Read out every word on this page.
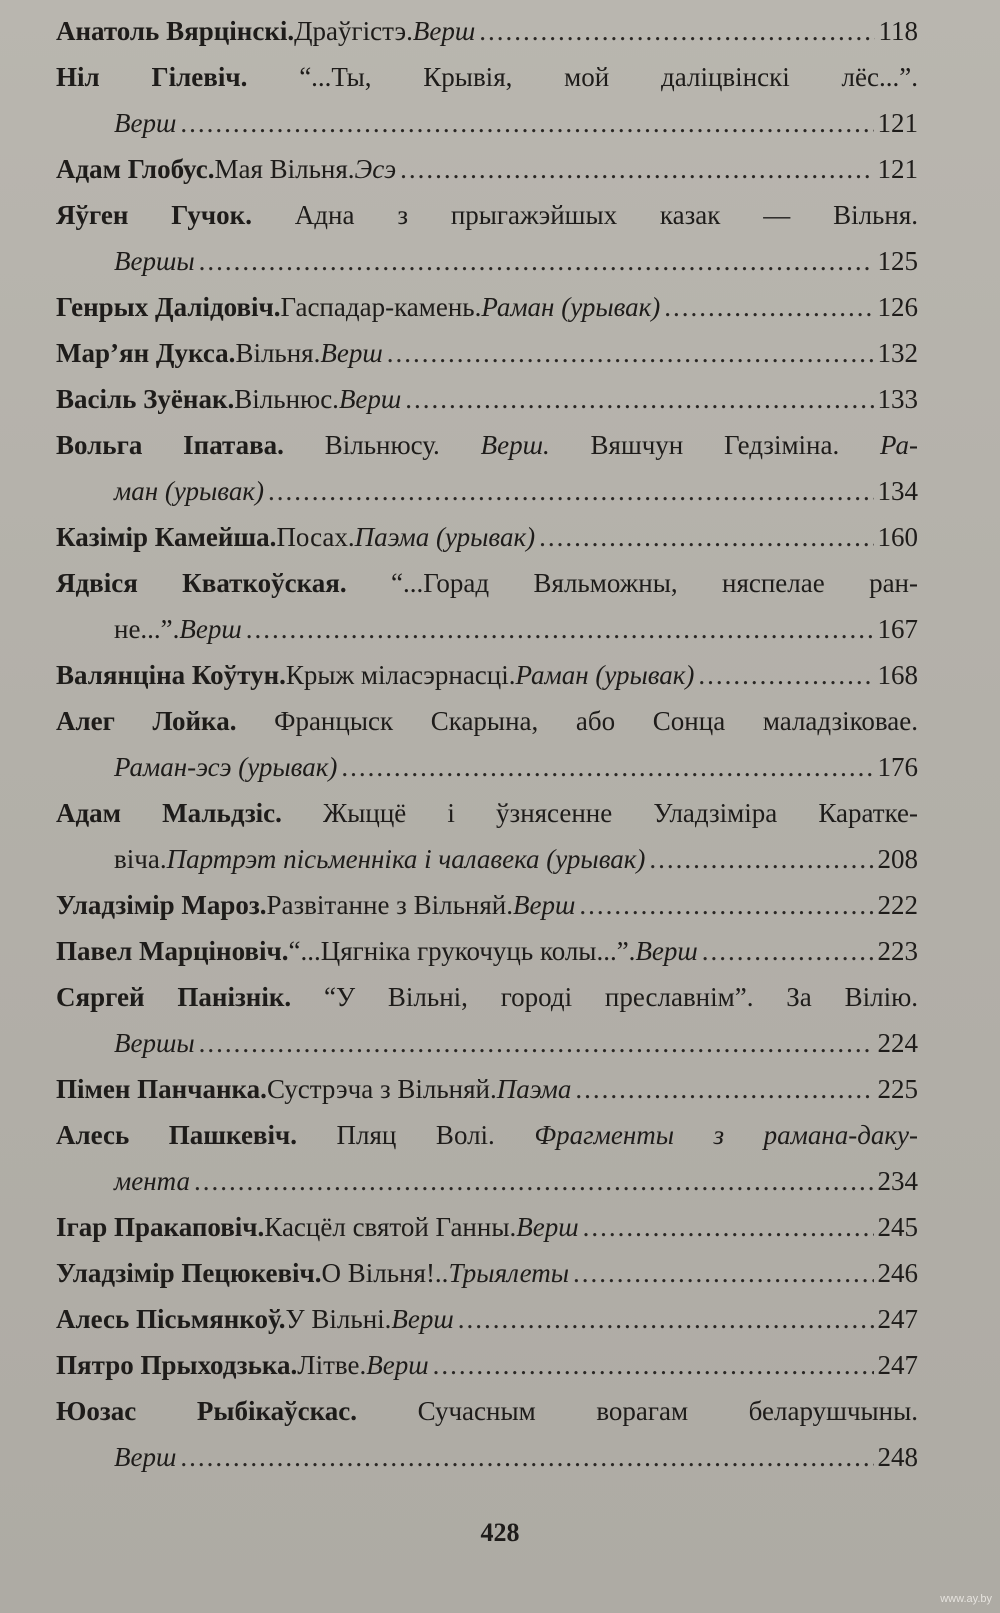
Анатоль Вярцінскі. Драўгістэ. Верш .....	118
Ніл Гілевіч. “...Ты, Крывія, мой даліцвінскі лёс...”.
Верш .....	121
Адам Глобус. Мая Вільня. Эсэ .....	121
Яўген Гучок. Адна з прыгажэйшых казак — Вільня.
Вершы .....	125
Генрых Далідовіч. Гаспадар-камень. Раман (урывак) .....	126
Мар’ян Дукса. Вільня. Верш .....	132
Васіль Зуёнак. Вільнюс. Верш .....	133
Вольга Іпатава. Вільнюсу. Верш. Вяшчун Гедзіміна. Ра-
ман (урывак) .....	134
Казімір Камейша. Посах. Паэма (урывак) .....	160
Ядвіся Кваткоўская. “...Горад Вяльможны, няспелае ран-
не...”. Верш .....	167
Валянціна Коўтун. Крыж міласэрнасці. Раман (урывак) .....	168
Алег Лойка. Францыск Скарына, або Сонца маладзіковае.
Раман-эсэ (урывак) .....	176
Адам Мальдзіс. Жыццё і ўзнясенне Уладзіміра Каратке-
віча. Партрэт пісьменніка і чалавека (урывак) .....	208
Уладзімір Мароз. Развітанне з Вільняй. Верш .....	222
Павел Марціновіч. “...Цягніка грукочуць колы...”. Верш .....	223
Сяргей Панізнік. “У Вільні, городі преславнім”. За Вілію.
Вершы .....	224
Пімен Панчанка. Сустрэча з Вільняй. Паэма .....	225
Алесь Пашкевіч. Пляц Волі. Фрагменты з рамана-даку-
мента .....	234
Ігар Пракаповіч. Касцёл святой Ганны. Верш .....	245
Уладзімір Пецюкевіч. О Вільня!.. Трыялеты .....	246
Алесь Пісьмянкоў. У Вільні. Верш .....	247
Пятро Прыходзька. Літве. Верш .....	247
Юозас Рыбікаўскас. Сучасным ворагам беларушчыны.
Верш .....	248
428
www.ay.by
